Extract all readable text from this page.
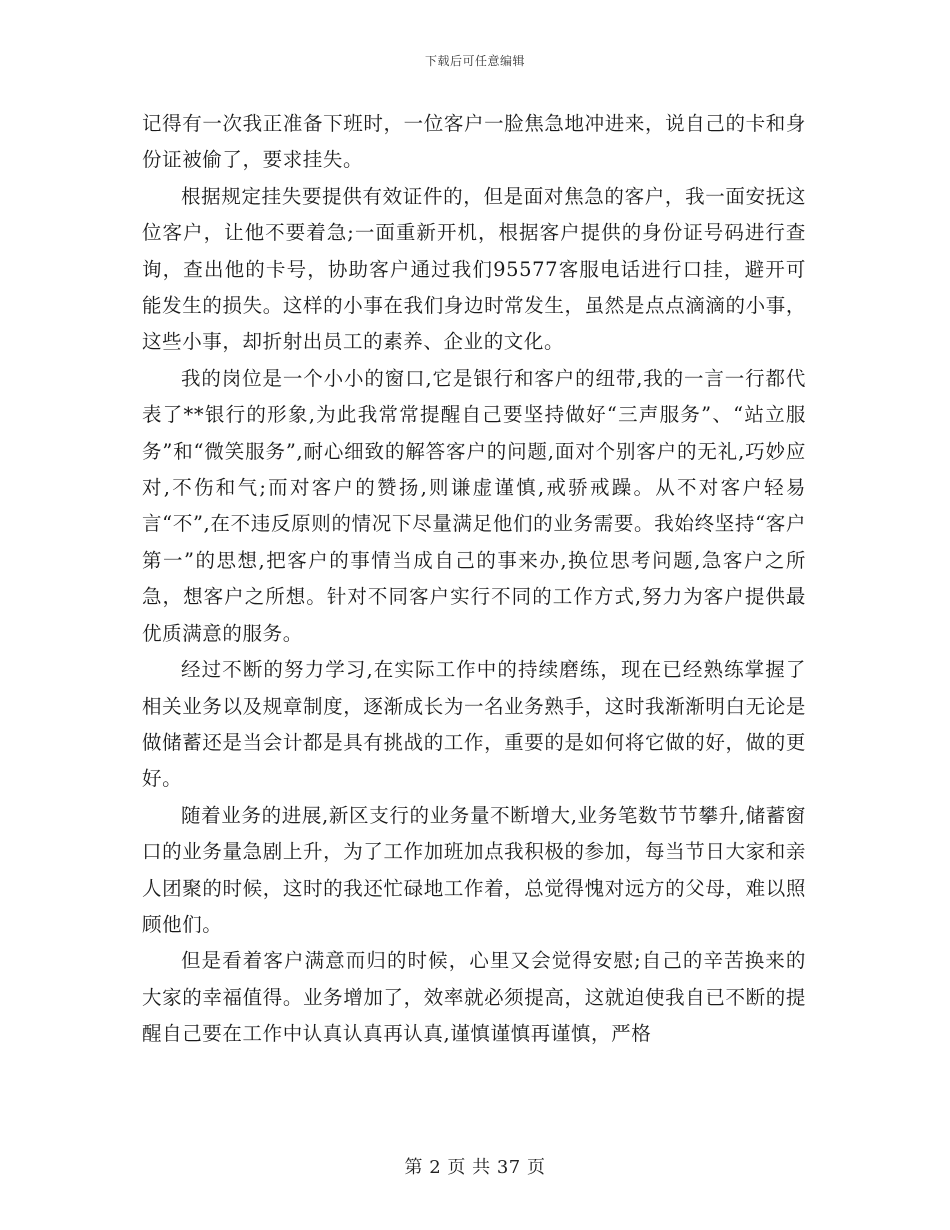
下载后可任意编辑

记得有一次我正准备下班时，一位客户一脸焦急地冲进来，说自己的卡和身份证被偷了，要求挂失。

根据规定挂失要提供有效证件的，但是面对焦急的客户，我一面安抚这位客户，让他不要着急;一面重新开机，根据客户提供的身份证号码进行查询，查出他的卡号，协助客户通过我们95577客服电话进行口挂，避开可能发生的损失。这样的小事在我们身边时常发生，虽然是点点滴滴的小事，这些小事，却折射出员工的素养、企业的文化。

我的岗位是一个小小的窗口,它是银行和客户的纽带,我的一言一行都代表了**银行的形象,为此我常常提醒自己要坚持做好“三声服务”、“站立服务”和“微笑服务”,耐心细致的解答客户的问题,面对个别客户的无礼,巧妙应对,不伤和气;而对客户的赞扬,则谦虚谨慎,戒骄戒躁。从不对客户轻易言“不”,在不违反原则的情况下尽量满足他们的业务需要。我始终坚持“客户第一”的思想,把客户的事情当成自己的事来办,换位思考问题,急客户之所急，想客户之所想。针对不同客户实行不同的工作方式,努力为客户提供最优质满意的服务。

经过不断的努力学习,在实际工作中的持续磨练，现在已经熟练掌握了相关业务以及规章制度，逐渐成长为一名业务熟手，这时我渐渐明白无论是做储蓄还是当会计都是具有挑战的工作，重要的是如何将它做的好，做的更好。

随着业务的进展,新区支行的业务量不断增大,业务笔数节节攀升,储蓄窗口的业务量急剧上升，为了工作加班加点我积极的参加，每当节日大家和亲人团聚的时候，这时的我还忙碌地工作着，总觉得愧对远方的父母，难以照顾他们。

但是看着客户满意而归的时候，心里又会觉得安慰;自己的辛苦换来的大家的幸福值得。业务增加了，效率就必须提高，这就迫使我自已不断的提醒自己要在工作中认真认真再认真,谨慎谨慎再谨慎，严格

第 2 页 共 37 页
